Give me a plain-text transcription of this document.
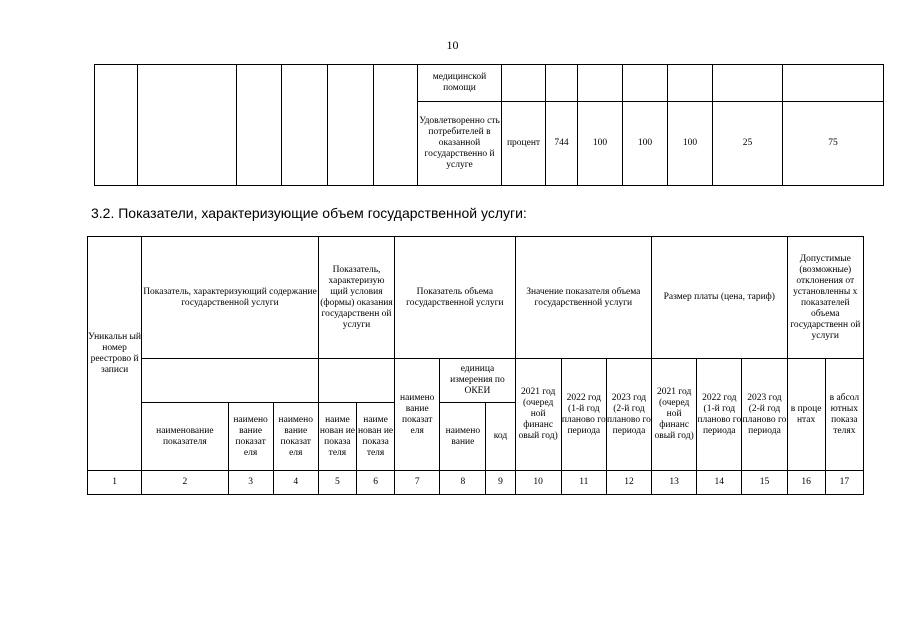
10
						медицинской помощи							
						Удовлетворенно сть потребителей в оказанной государственно й услуге	процент	744	100	100	100	25	75
3.2. Показатели, характеризующие объем государственной услуги:
Уникальн ый номер реестрово й записи	Показатель, характеризующий содержание государственной услуги			Показатель, характеризую щий условия (формы) оказания государственн ой услуги		Показатель объема государственной услуги			Значение показателя объема государственной услуги			Размер платы (цена, тариф)			Допустимые (возможные) отклонения от установленны х показателей объема государственн ой услуги	

						наимено вание показат еля	единица измерения по ОКЕИ		2021 год (очеред ной финанс овый год)	2022 год (1-й год планово го периода	2023 год (2-й год планово го периода	2021 год (очеред ной финанс овый год)	2022 год (1-й год планово го периода	2023 год (2-й год планово го периода	в проце нтах	в абсол ютных показа телях
	наименование показателя	наимено вание показат еля	наимено вание показат еля	наиме нован ие показа теля	наиме нован ие показа теля		наимено вание	код								
1	2	3	4	5	6	7	8	9	10	11	12	13	14	15	16	17
